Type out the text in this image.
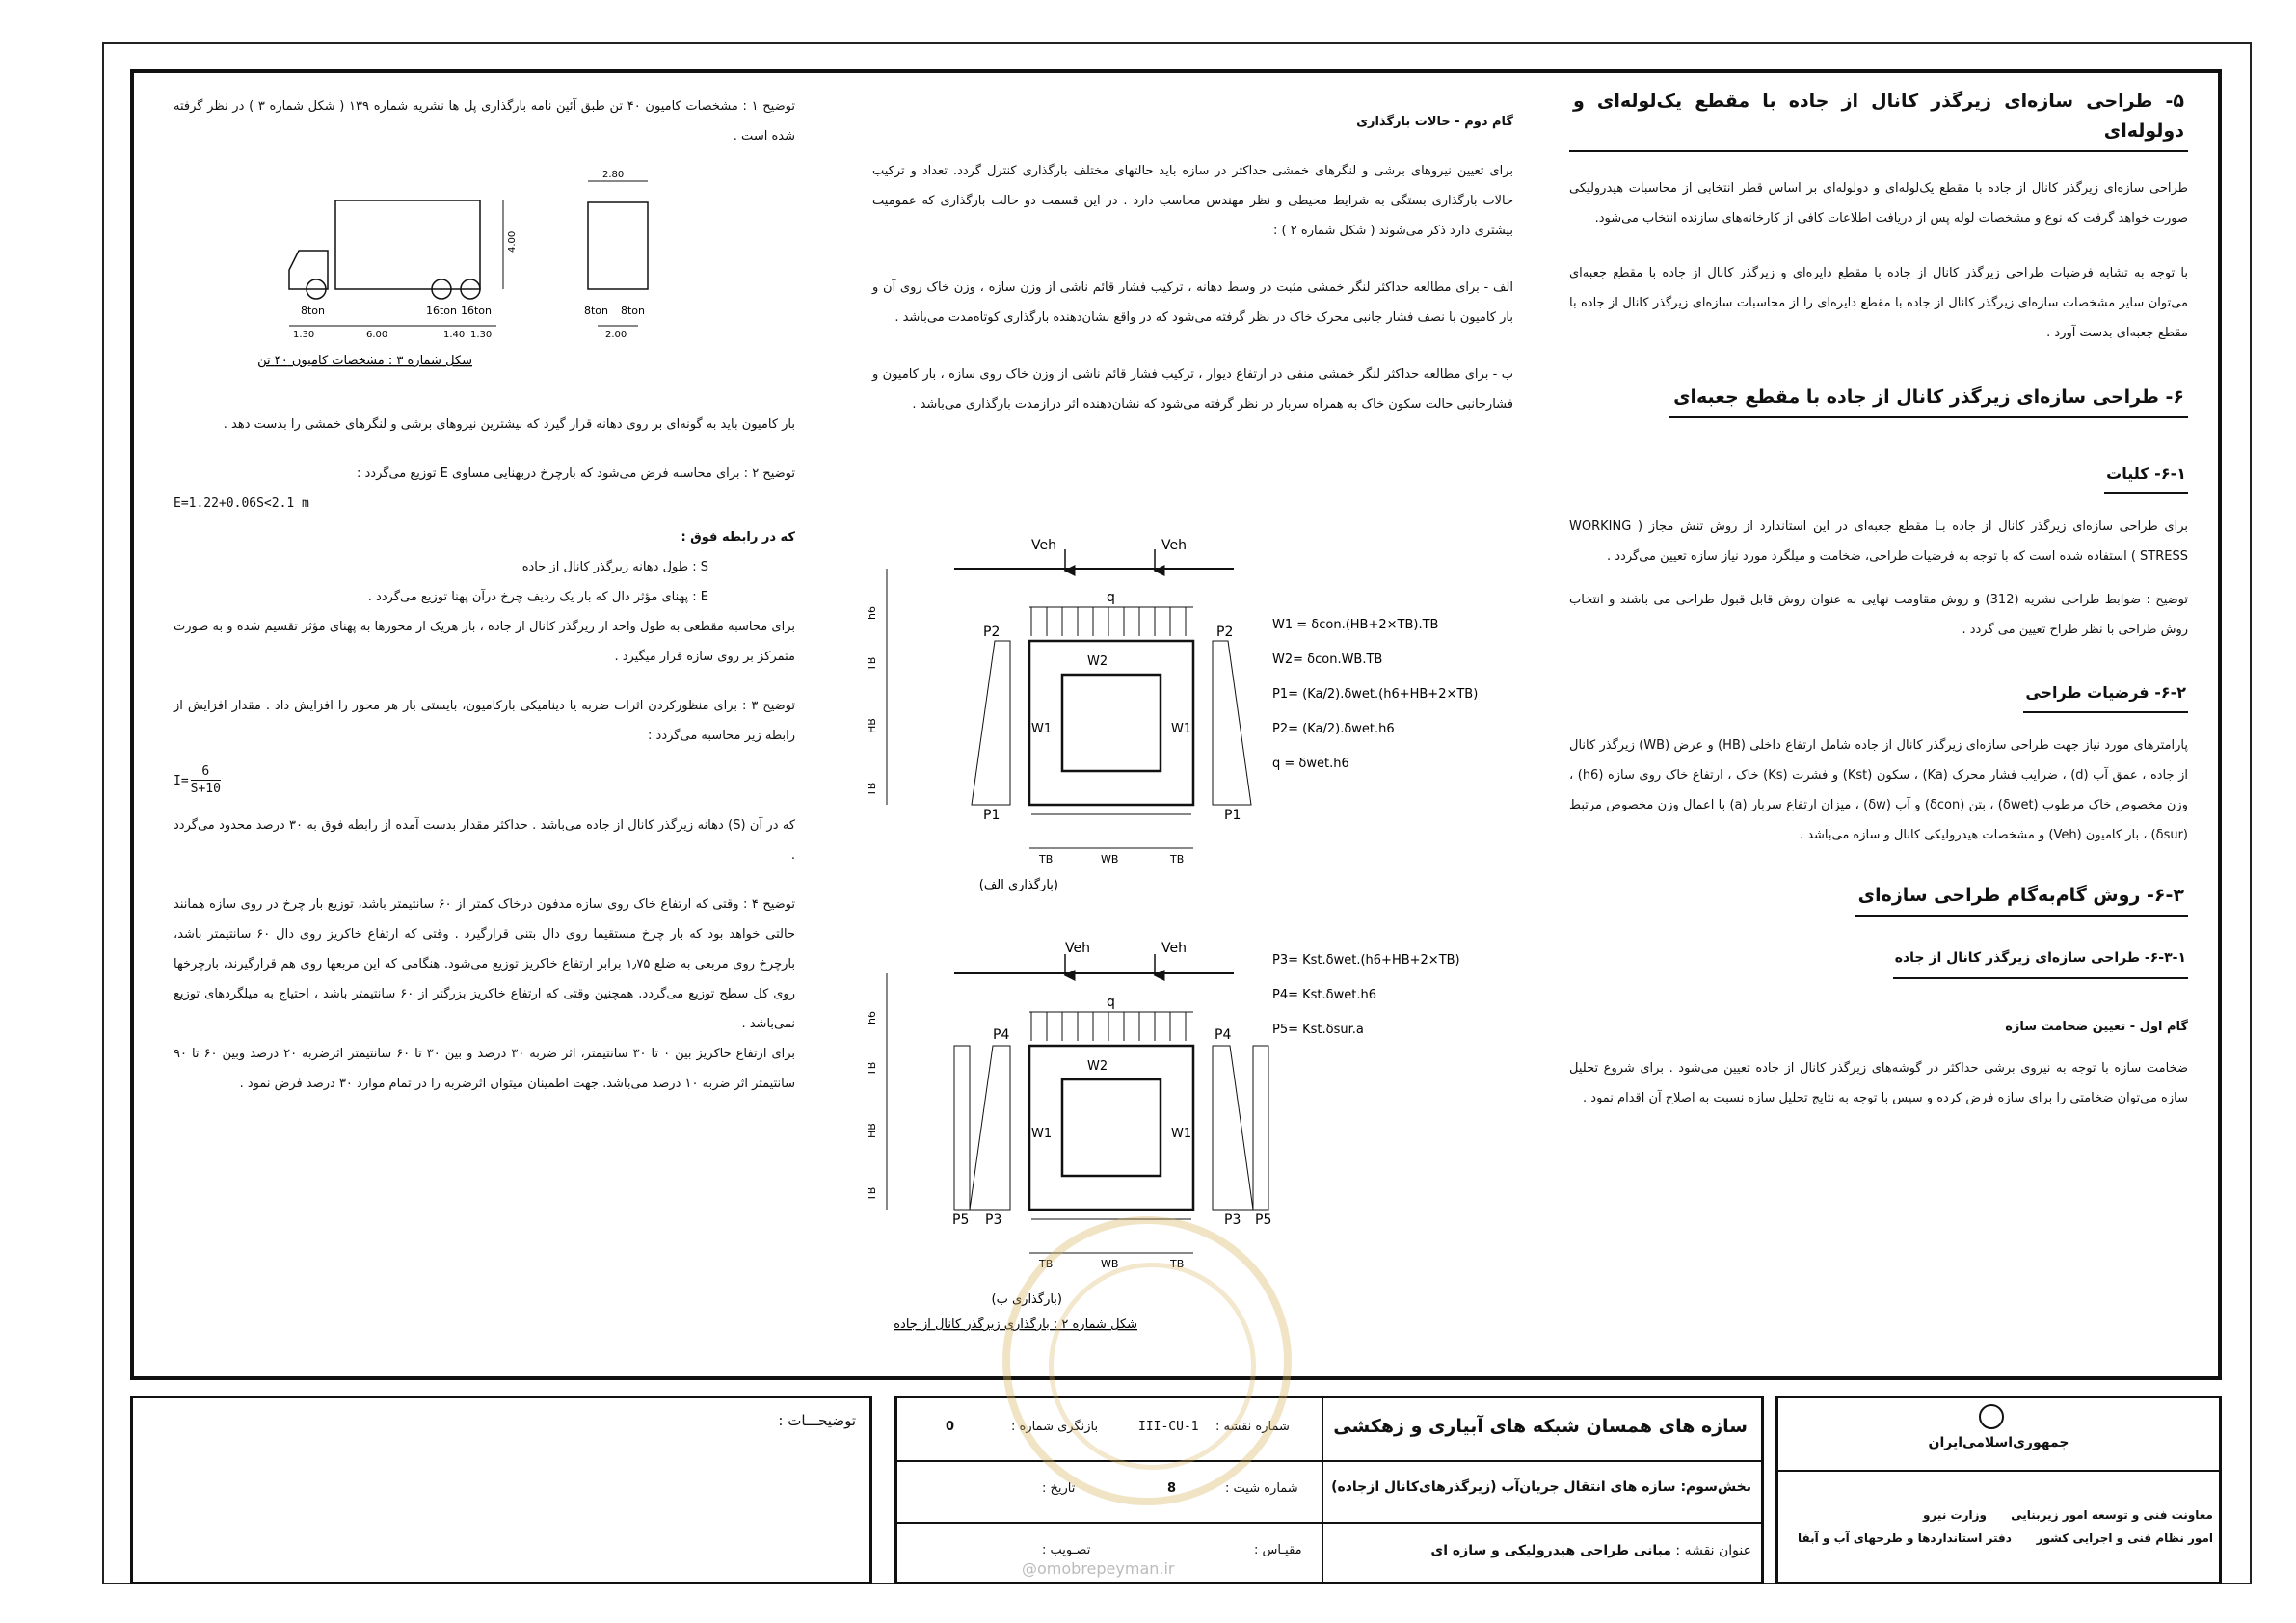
۵- طراحی سازه‌ای زیرگذر کانال از جاده با مقطع یک‌لوله‌ای و دولوله‌ای

طراحی سازه‌ای زیرگذر کانال از جاده با مقطع یک‌لوله‌ای و دولوله‌ای بر اساس قطر انتخابی از محاسبات هیدرولیکی صورت خواهد گرفت که نوع و مشخصات لوله پس از دریافت اطلاعات کافی از کارخانه‌های سازنده انتخاب می‌شود.

با توجه به تشابه فرضیات طراحی زیرگذر کانال از جاده با مقطع دایره‌ای و زیرگذر کانال از جاده با مقطع جعبه‌ای می‌توان سایر مشخصات سازه‌ای زیرگذر کانال از جاده با مقطع دایره‌ای را از محاسبات سازه‌ای زیرگذر کانال از جاده با مقطع جعبه‌ای بدست آورد .

۶- طراحی سازه‌ای زیرگذر کانال از جاده با مقطع جعبه‌ای
۶-۱- کلیات

برای طراحی سازه‌ای زیرگذر کانال از جاده بـا مقطع جعبه‌ای در این استاندارد از روش تنش مجاز ( WORKING STRESS ) استفاده شده است که با توجه به فرضیات طراحی، ضخامت و میلگرد مورد نیاز سازه تعیین می‌گردد .

توضیح : ضوابط طراحی نشریه (312) و روش مقاومت نهایی به عنوان روش قابل قبول طراحی می باشند و انتخاب روش طراحی با نظر طراح تعیین می گردد .

۶-۲- فرضیات طراحی

پارامترهای مورد نیاز جهت طراحی سازه‌ای زیرگذر کانال از جاده شامل ارتفاع داخلی (HB) و عرض (WB) زیرگذر کانال از جاده ، عمق آب (d) ، ضرایب فشار محرک (Ka) ، سکون (Kst) و فشرت (Ks) خاک ، ارتفاع خاک روی سازه (h6) ، وزن مخصوص خاک مرطوب (δwet) ، بتن (δcon) و آب (δw) ، میزان ارتفاع سربار (a) با اعمال وزن مخصوص مرتبط (δsur) ، بار کامیون (Veh) و مشخصات هیدرولیکی کانال و سازه می‌باشد .

۶-۳- روش گام‌به‌گام طراحی سازه‌ای
۶-۳-۱- طراحی سازه‌ای زیرگذر کانال از جاده
گام اول - تعیین ضخامت سازه

ضخامت سازه با توجه به نیروی برشی حداکثر در گوشه‌های زیرگذر کانال از جاده تعیین می‌شود . برای شروع تحلیل سازه می‌توان ضخامتی را برای سازه فرض کرده و سپس با توجه به نتایج تحلیل سازه نسبت به اصلاح آن اقدام نمود .

گام دوم - حالات بارگذاری

برای تعیین نیروهای برشی و لنگرهای خمشی حداکثر در سازه باید حالتهای مختلف بارگذاری کنترل گردد. تعداد و ترکیب حالات بارگذاری بستگی به شرایط محیطی و نظر مهندس محاسب دارد . در این قسمت دو حالت بارگذاری که عمومیت بیشتری دارد ذکر می‌شوند ( شکل شماره ۲ ) :

الف - برای مطالعه حداکثر لنگر خمشی مثبت در وسط دهانه ، ترکیب فشار قائم ناشی از وزن سازه ، وزن خاک روی آن و بار کامیون با نصف فشار جانبی محرک خاک در نظر گرفته می‌شود که در واقع نشان‌دهنده بارگذاری کوتاه‌مدت می‌باشد .

ب - برای مطالعه حداکثر لنگر خمشی منفی در ارتفاع دیوار ، ترکیب فشار قائم ناشی از وزن خاک روی سازه ، بار کامیون و فشارجانبی حالت سکون خاک به همراه سربار در نظر گرفته می‌شود که نشان‌دهنده اثر درازمدت بارگذاری می‌باشد .

Veh	Veh
q
P2	P2
P1	P1
W1	W1
W2
h6
TB
HB
TB
TB	WB	TB
(بارگذاری الف)
W1 = δcon.(HB+2×TB).TB
W2= δcon.WB.TB
P1= (Ka/2).δwet.(h6+HB+2×TB)
P2= (Ka/2).δwet.h6
q = δwet.h6
Veh	Veh
q
P4	P4
P5 P3	P3 P5
W1	W1
W2
h6
TB
HB
TB
TB	WB	TB
(بارگذاری ب)
P3= Kst.δwet.(h6+HB+2×TB)
P4= Kst.δwet.h6
P5= Kst.δsur.a
شکل شماره ۲ : بارگذاری زیرگذر کانال از جاده

توضیح ۱ : مشخصات کامیون ۴۰ تن طبق آئین نامه بارگذاری پل ها نشریه شماره ۱۳۹ ( شکل شماره ۳ ) در نظر گرفته شده است .

8ton	16ton 16ton
1.30	6.00	1.40 1.30
4.00
2.80
8ton 8ton
2.00
شکل شماره ۳ : مشخصات کامیون ۴۰ تن

بار کامیون باید به گونه‌ای بر روی دهانه قرار گیرد که بیشترین نیروهای برشی و لنگرهای خمشی را بدست دهد .

توضیح ۲ : برای محاسبه فرض می‌شود که بارچرخ دربهنایی مساوی E توزیع می‌گردد :

E=1.22+0.06S<2.1 m

که در رابطه فوق :

S : طول دهانه زیرگذر کانال از جاده

E : پهنای مؤثر دال که بار یک ردیف چرخ درآن پهنا توزیع می‌گردد .

برای محاسبه مقطعی به طول واحد از زیرگذر کانال از جاده ، بار هریک از محورها به پهنای مؤثر تقسیم شده و به صورت متمرکز بر روی سازه قرار میگیرد .

توضیح ۳ : برای منظورکردن اثرات ضربه یا دینامیکی بارکامیون، بایستی بار هر محور را افزایش داد . مقدار افزایش از رابطه زیر محاسبه می‌گردد :

$I= \frac{6}{S+10}$

که در آن (S) دهانه زیرگذر کانال از جاده می‌باشد . حداکثر مقدار بدست آمده از رابطه فوق به ۳۰ درصد محدود می‌گردد .

توضیح ۴ : وقتی که ارتفاع خاک روی سازه مدفون درخاک کمتر از ۶۰ سانتیمتر باشد، توزیع بار چرخ در روی سازه همانند حالتی خواهد بود که بار چرخ مستقیما روی دال بتنی قرارگیرد . وقتی که ارتفاع خاکریز روی دال ۶۰ سانتیمتر باشد، بارچرخ روی مربعی به ضلع ۱٫۷۵ برابر ارتفاع خاکریز توزیع می‌شود. هنگامی که این مربعها روی هم قرارگیرند، بارچرخها روی کل سطح توزیع می‌گردد. همچنین وقتی که ارتفاع خاکریز بزرگتر از ۶۰ سانتیمتر باشد ، احتیاج به میلگردهای توزیع نمی‌باشد .

برای ارتفاع خاکریز بین ۰ تا ۳۰ سانتیمتر، اثر ضربه ۳۰ درصد و بین ۳۰ تا ۶۰ سانتیمتر اثرضربه ۲۰ درصد وبین ۶۰ تا ۹۰ سانتیمتر اثر ضربه ۱۰ درصد می‌باشد. جهت اطمینان میتوان اثرضربه را در تمام موارد ۳۰ درصد فرض نمود .

توضیحـــات :	سازه های همسان شبکه های آبیاری و زهکشی
بخش‌سوم: سازه های انتقال جریان‌آب (زیرگذرهای‌کانال ازجاده)
عنوان نقشه : مبانی طراحی هیدرولیکی و سازه ای
شماره نقشه :
III-CU-1
بازنگری شماره :
0
شماره شیت :
8
تاریخ :
مقیـاس :
تصـویب :
جمهوری‌اسلامی‌ایران
معاونت فنی و توسعه امور زیربنایی
امور نظام فنی و اجرایی کشور
وزارت نیرو
دفتر استانداردها و طرحهای آب و آبفا
@omobrepeyman.ir
